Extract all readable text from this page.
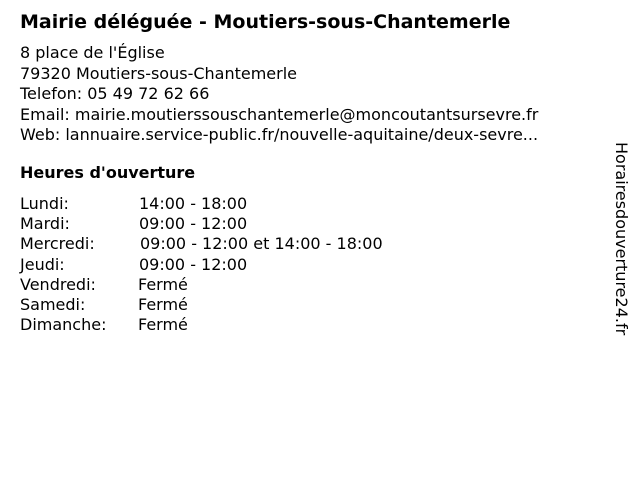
Mairie déléguée - Moutiers-sous-Chantemerle
8 place de l'Église
79320 Moutiers-sous-Chantemerle
Telefon: 05 49 72 62 66
Email: mairie.moutierssouschantemerle@moncoutantsursevre.fr
Web: lannuaire.service-public.fr/nouvelle-aquitaine/deux-sevre...
Heures d'ouverture
Lundi:	14:00 - 18:00
Mardi:	09:00 - 12:00
Mercredi:	09:00 - 12:00 et 14:00 - 18:00
Jeudi:	09:00 - 12:00
Vendredi:	Fermé
Samedi:	Fermé
Dimanche: Fermé	Horairesdouverture24.fr
